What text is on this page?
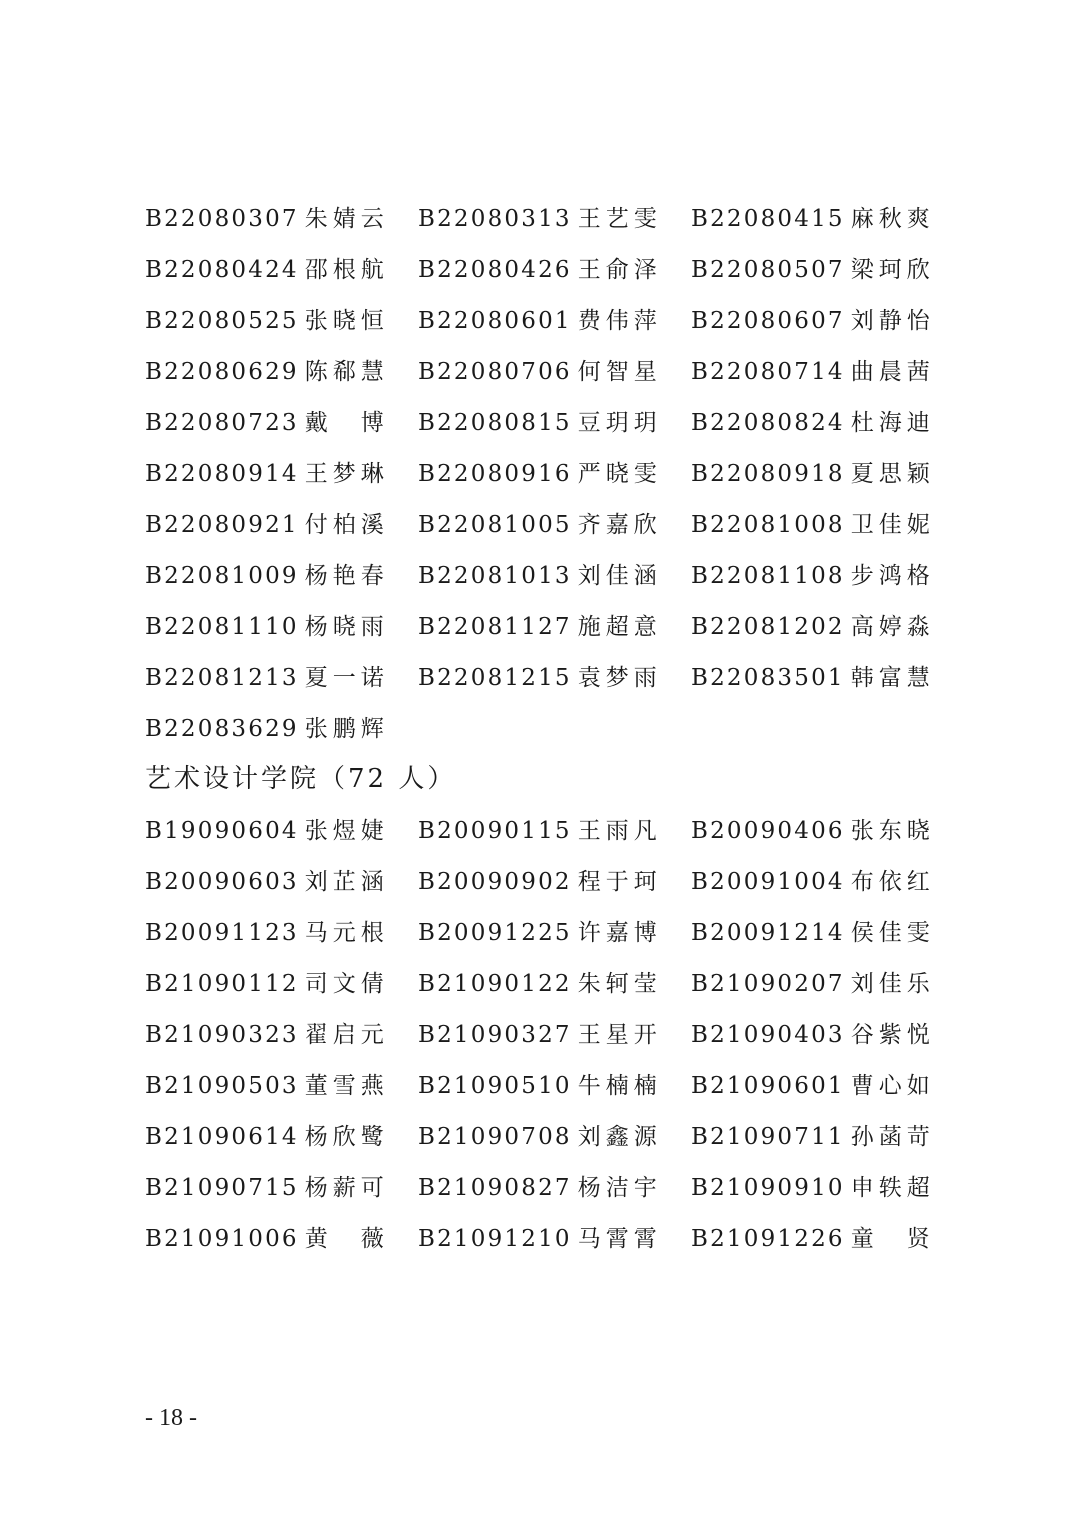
B22080307 朱婧云 B22080313 王艺雯 B22080415 麻秋爽
B22080424 邵根航 B22080426 王俞泽 B22080507 梁珂欣
B22080525 张晓恒 B22080601 费伟萍 B22080607 刘静怡
B22080629 陈郗慧 B22080706 何智星 B22080714 曲晨茜
B22080723 戴　博 B22080815 豆玥玥 B22080824 杜海迪
B22080914 王梦琳 B22080916 严晓雯 B22080918 夏思颖
B22080921 付柏溪 B22081005 齐嘉欣 B22081008 卫佳妮
B22081009 杨艳春 B22081013 刘佳涵 B22081108 步鸿格
B22081110 杨晓雨 B22081127 施超意 B22081202 高婷淼
B22081213 夏一诺 B22081215 袁梦雨 B22083501 韩富慧
B22083629 张鹏辉
艺术设计学院（72 人）
B19090604 张煜婕 B20090115 王雨凡 B20090406 张东晓
B20090603 刘芷涵 B20090902 程于珂 B20091004 布依红
B20091123 马元根 B20091225 许嘉博 B20091214 侯佳雯
B21090112 司文倩 B21090122 朱轲莹 B21090207 刘佳乐
B21090323 翟启元 B21090327 王星开 B21090403 谷紫悦
B21090503 董雪燕 B21090510 牛楠楠 B21090601 曹心如
B21090614 杨欣鹭 B21090708 刘鑫源 B21090711 孙菡苛
B21090715 杨薪可 B21090827 杨洁宇 B21090910 申轶超
B21091006 黄　薇 B21091210 马霄霄 B21091226 童　贤
- 18 -
